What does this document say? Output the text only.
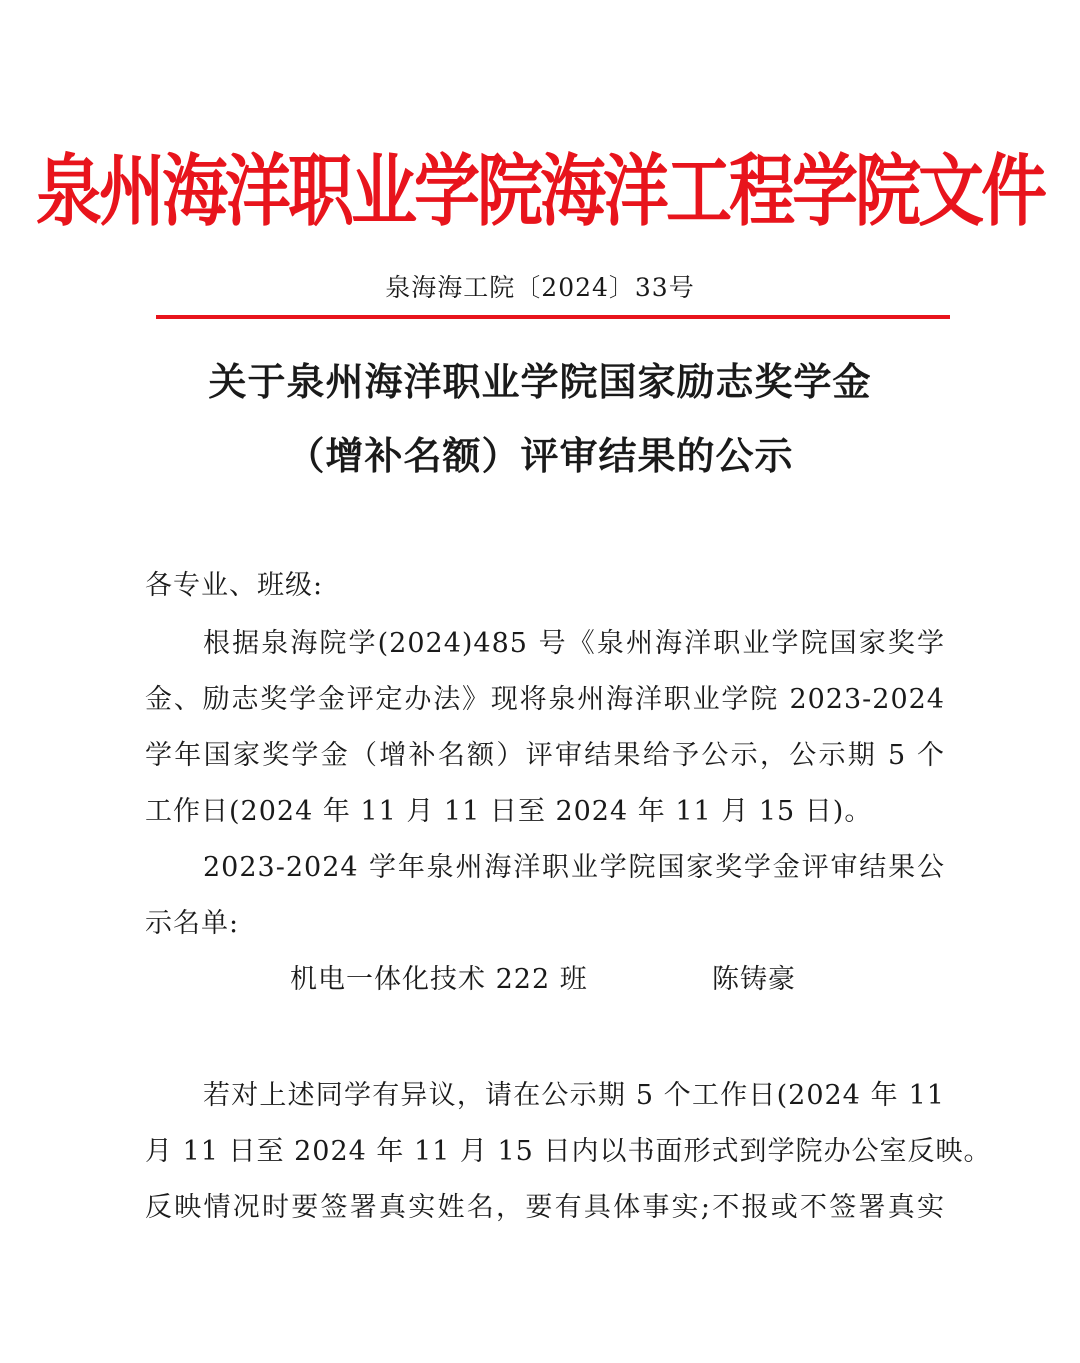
泉州海洋职业学院海洋工程学院文件
泉海海工院〔2024〕33号
关于泉州海洋职业学院国家励志奖学金
（增补名额）评审结果的公示
各专业、班级:
根据泉海院学(2024)485 号《泉州海洋职业学院国家奖学
金、励志奖学金评定办法》现将泉州海洋职业学院 2023-2024
学年国家奖学金（增补名额）评审结果给予公示，公示期 5 个
工作日(2024 年 11 月 11 日至 2024 年 11 月 15 日)。
2023-2024 学年泉州海洋职业学院国家奖学金评审结果公
示名单:
机电一体化技术 222 班	陈铸豪
若对上述同学有异议，请在公示期 5 个工作日(2024 年 11
月 11 日至 2024 年 11 月 15 日内以书面形式到学院办公室反映。
反映情况时要签署真实姓名，要有具体事实;不报或不签署真实
